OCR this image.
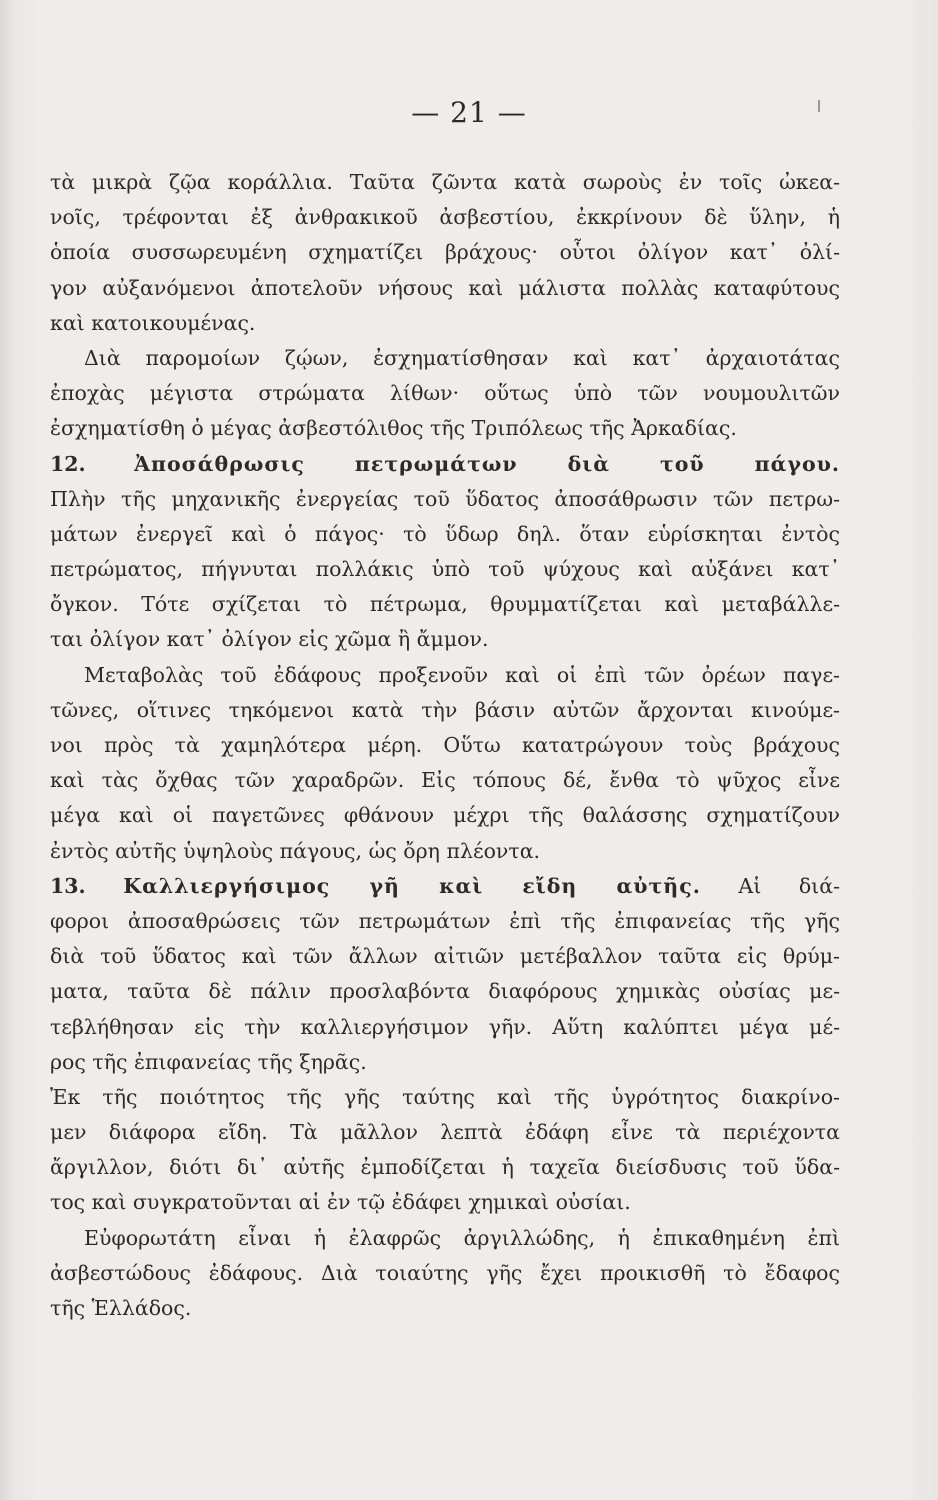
— 21 —
τὰ μικρὰ ζῷα κοράλλια. Ταῦτα ζῶντα κατὰ σωροὺς ἐν τοῖς ὠκεα-
νοῖς, τρέφονται ἐξ ἀνθρακικοῦ ἀσβεστίου, ἐκκρίνουν δὲ ὕλην, ἡ
ὁποία συσσωρευμένη σχηματίζει βράχους· οὗτοι ὀλίγον κατ᾿ ὀλί-
γον αὐξανόμενοι ἀποτελοῦν νήσους καὶ μάλιστα πολλὰς καταφύτους
καὶ κατοικουμένας.
Διὰ παρομοίων ζῴων, ἐσχηματίσθησαν καὶ κατ᾿ ἀρχαιοτάτας
ἐποχὰς μέγιστα στρώματα λίθων· οὕτως ὑπὸ τῶν νουμουλιτῶν
ἐσχηματίσθη ὁ μέγας ἀσβεστόλιθος τῆς Τριπόλεως τῆς Ἀρκαδίας.
12. Ἀποσάθρωσις πετρωμάτων διὰ τοῦ πάγου.
Πλὴν τῆς μηχανικῆς ἐνεργείας τοῦ ὕδατος ἀποσάθρωσιν τῶν πετρω-
μάτων ἐνεργεῖ καὶ ὁ πάγος· τὸ ὕδωρ δηλ. ὅταν εὑρίσκηται ἐντὸς
πετρώματος, πήγνυται πολλάκις ὑπὸ τοῦ ψύχους καὶ αὐξάνει κατ᾿
ὄγκον. Τότε σχίζεται τὸ πέτρωμα, θρυμματίζεται καὶ μεταβάλλε-
ται ὀλίγον κατ᾿ ὀλίγον εἰς χῶμα ἢ ἄμμον.
Μεταβολὰς τοῦ ἐδάφους προξενοῦν καὶ οἱ ἐπὶ τῶν ὀρέων παγε-
τῶνες, οἵτινες τηκόμενοι κατὰ τὴν βάσιν αὐτῶν ἄρχονται κινούμε-
νοι πρὸς τὰ χαμηλότερα μέρη. Οὕτω κατατρώγουν τοὺς βράχους
καὶ τὰς ὄχθας τῶν χαραδρῶν. Εἰς τόπους δέ, ἔνθα τὸ ψῦχος εἶνε
μέγα καὶ οἱ παγετῶνες φθάνουν μέχρι τῆς θαλάσσης σχηματίζουν
ἐντὸς αὐτῆς ὑψηλοὺς πάγους, ὡς ὄρη πλέοντα.
13. Καλλιεργήσιμος γῆ καὶ εἴδη αὐτῆς. Αἱ διά-
φοροι ἀποσαθρώσεις τῶν πετρωμάτων ἐπὶ τῆς ἐπιφανείας τῆς γῆς
διὰ τοῦ ὕδατος καὶ τῶν ἄλλων αἰτιῶν μετέβαλλον ταῦτα εἰς θρύμ-
ματα, ταῦτα δὲ πάλιν προσλαβόντα διαφόρους χημικὰς οὐσίας με-
τεβλήθησαν εἰς τὴν καλλιεργήσιμον γῆν. Αὕτη καλύπτει μέγα μέ-
ρος τῆς ἐπιφανείας τῆς ξηρᾶς.
Ἐκ τῆς ποιότητος τῆς γῆς ταύτης καὶ τῆς ὑγρότητος διακρίνο-
μεν διάφορα εἴδη. Τὰ μᾶλλον λεπτὰ ἐδάφη εἶνε τὰ περιέχοντα
ἄργιλλον, διότι δι᾿ αὐτῆς ἐμποδίζεται ἡ ταχεῖα διείσδυσις τοῦ ὕδα-
τος καὶ συγκρατοῦνται αἱ ἐν τῷ ἐδάφει χημικαὶ οὐσίαι.
Εὐφορωτάτη εἶναι ἡ ἐλαφρῶς ἀργιλλώδης, ἡ ἐπικαθημένη ἐπὶ
ἀσβεστώδους ἐδάφους. Διὰ τοιαύτης γῆς ἔχει προικισθῆ τὸ ἔδαφος
τῆς Ἑλλάδος.
